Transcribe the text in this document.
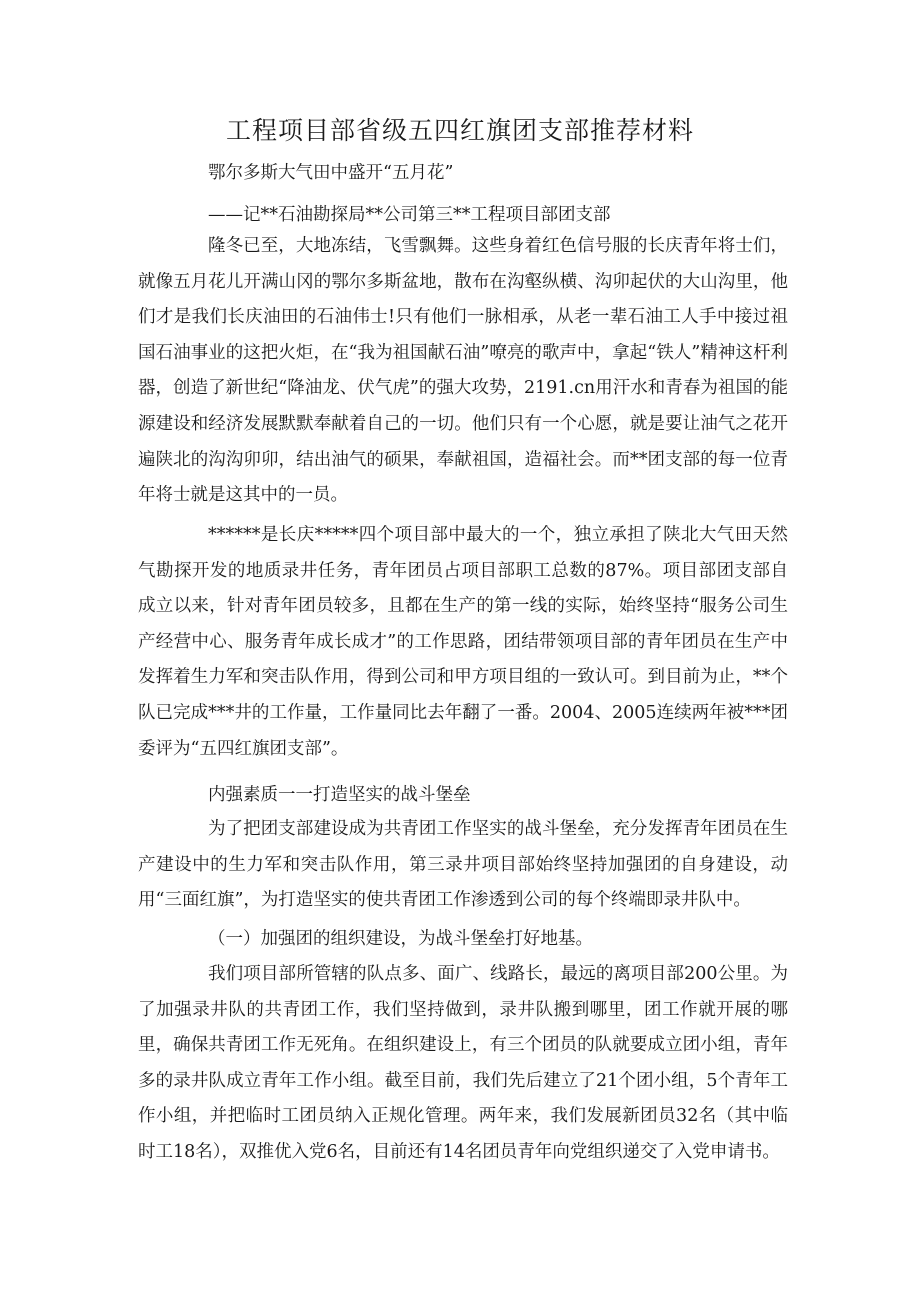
工程项目部省级五四红旗团支部推荐材料
鄂尔多斯大气田中盛开“五月花”
——记**石油勘探局**公司第三**工程项目部团支部
隆冬已至，大地冻结，飞雪飘舞。这些身着红色信号服的长庆青年将士们，就像五月花儿开满山冈的鄂尔多斯盆地，散布在沟壑纵横、沟卯起伏的大山沟里，他们才是我们长庆油田的石油伟士!只有他们一脉相承，从老一辈石油工人手中接过祖国石油事业的这把火炬，在“我为祖国献石油”嘹亮的歌声中，拿起“铁人”精神这杆利器，创造了新世纪“降油龙、伏气虎”的强大攻势，2191.cn用汗水和青春为祖国的能源建设和经济发展默默奉献着自己的一切。他们只有一个心愿，就是要让油气之花开遍陕北的沟沟卯卯，结出油气的硕果，奉献祖国，造福社会。而**团支部的每一位青年将士就是这其中的一员。
******是长庆*****四个项目部中最大的一个，独立承担了陕北大气田天然气勘探开发的地质录井任务，青年团员占项目部职工总数的87%。项目部团支部自成立以来，针对青年团员较多，且都在生产的第一线的实际，始终坚持“服务公司生产经营中心、服务青年成长成才”的工作思路，团结带领项目部的青年团员在生产中发挥着生力军和突击队作用，得到公司和甲方项目组的一致认可。到目前为止，**个队已完成***井的工作量，工作量同比去年翻了一番。2004、2005连续两年被***团委评为“五四红旗团支部”。
内强素质一一打造坚实的战斗堡垒
为了把团支部建设成为共青团工作坚实的战斗堡垒，充分发挥青年团员在生产建设中的生力军和突击队作用，第三录井项目部始终坚持加强团的自身建设，动用“三面红旗”，为打造坚实的使共青团工作渗透到公司的每个终端即录井队中。
（一）加强团的组织建设，为战斗堡垒打好地基。
我们项目部所管辖的队点多、面广、线路长，最远的离项目部200公里。为了加强录井队的共青团工作，我们坚持做到，录井队搬到哪里，团工作就开展的哪里，确保共青团工作无死角。在组织建设上，有三个团员的队就要成立团小组，青年多的录井队成立青年工作小组。截至目前，我们先后建立了21个团小组，5个青年工作小组，并把临时工团员纳入正规化管理。两年来，我们发展新团员32名（其中临时工18名），双推优入党6名，目前还有14名团员青年向党组织递交了入党申请书。
